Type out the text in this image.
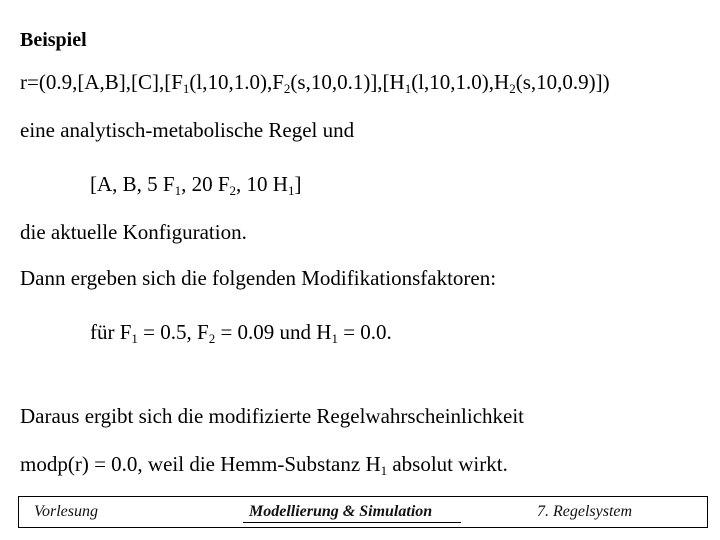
Beispiel
$r=(0.9,[A,B],[C],[F_1(l,10,1.0),F_2(s,10,0.1)],[H_1(l,10,1.0),H_2(s,10,0.9)])$
eine analytisch-metabolische Regel und
[A, B, 5 $F_1$, 20 $F_2$, 10 $H_1$]
die aktuelle Konfiguration.
Dann ergeben sich die folgenden Modifikationsfaktoren:
für $F_1 = 0.5$, $F_2 = 0.09$ und $H_1 = 0.0$.
Daraus ergibt sich die modifizierte Regelwahrscheinlichkeit
modp(r) = 0.0, weil die Hemm-Substanz $H_1$ absolut wirkt.
Vorlesung	Modellierung & Simulation	7. Regelsystem
